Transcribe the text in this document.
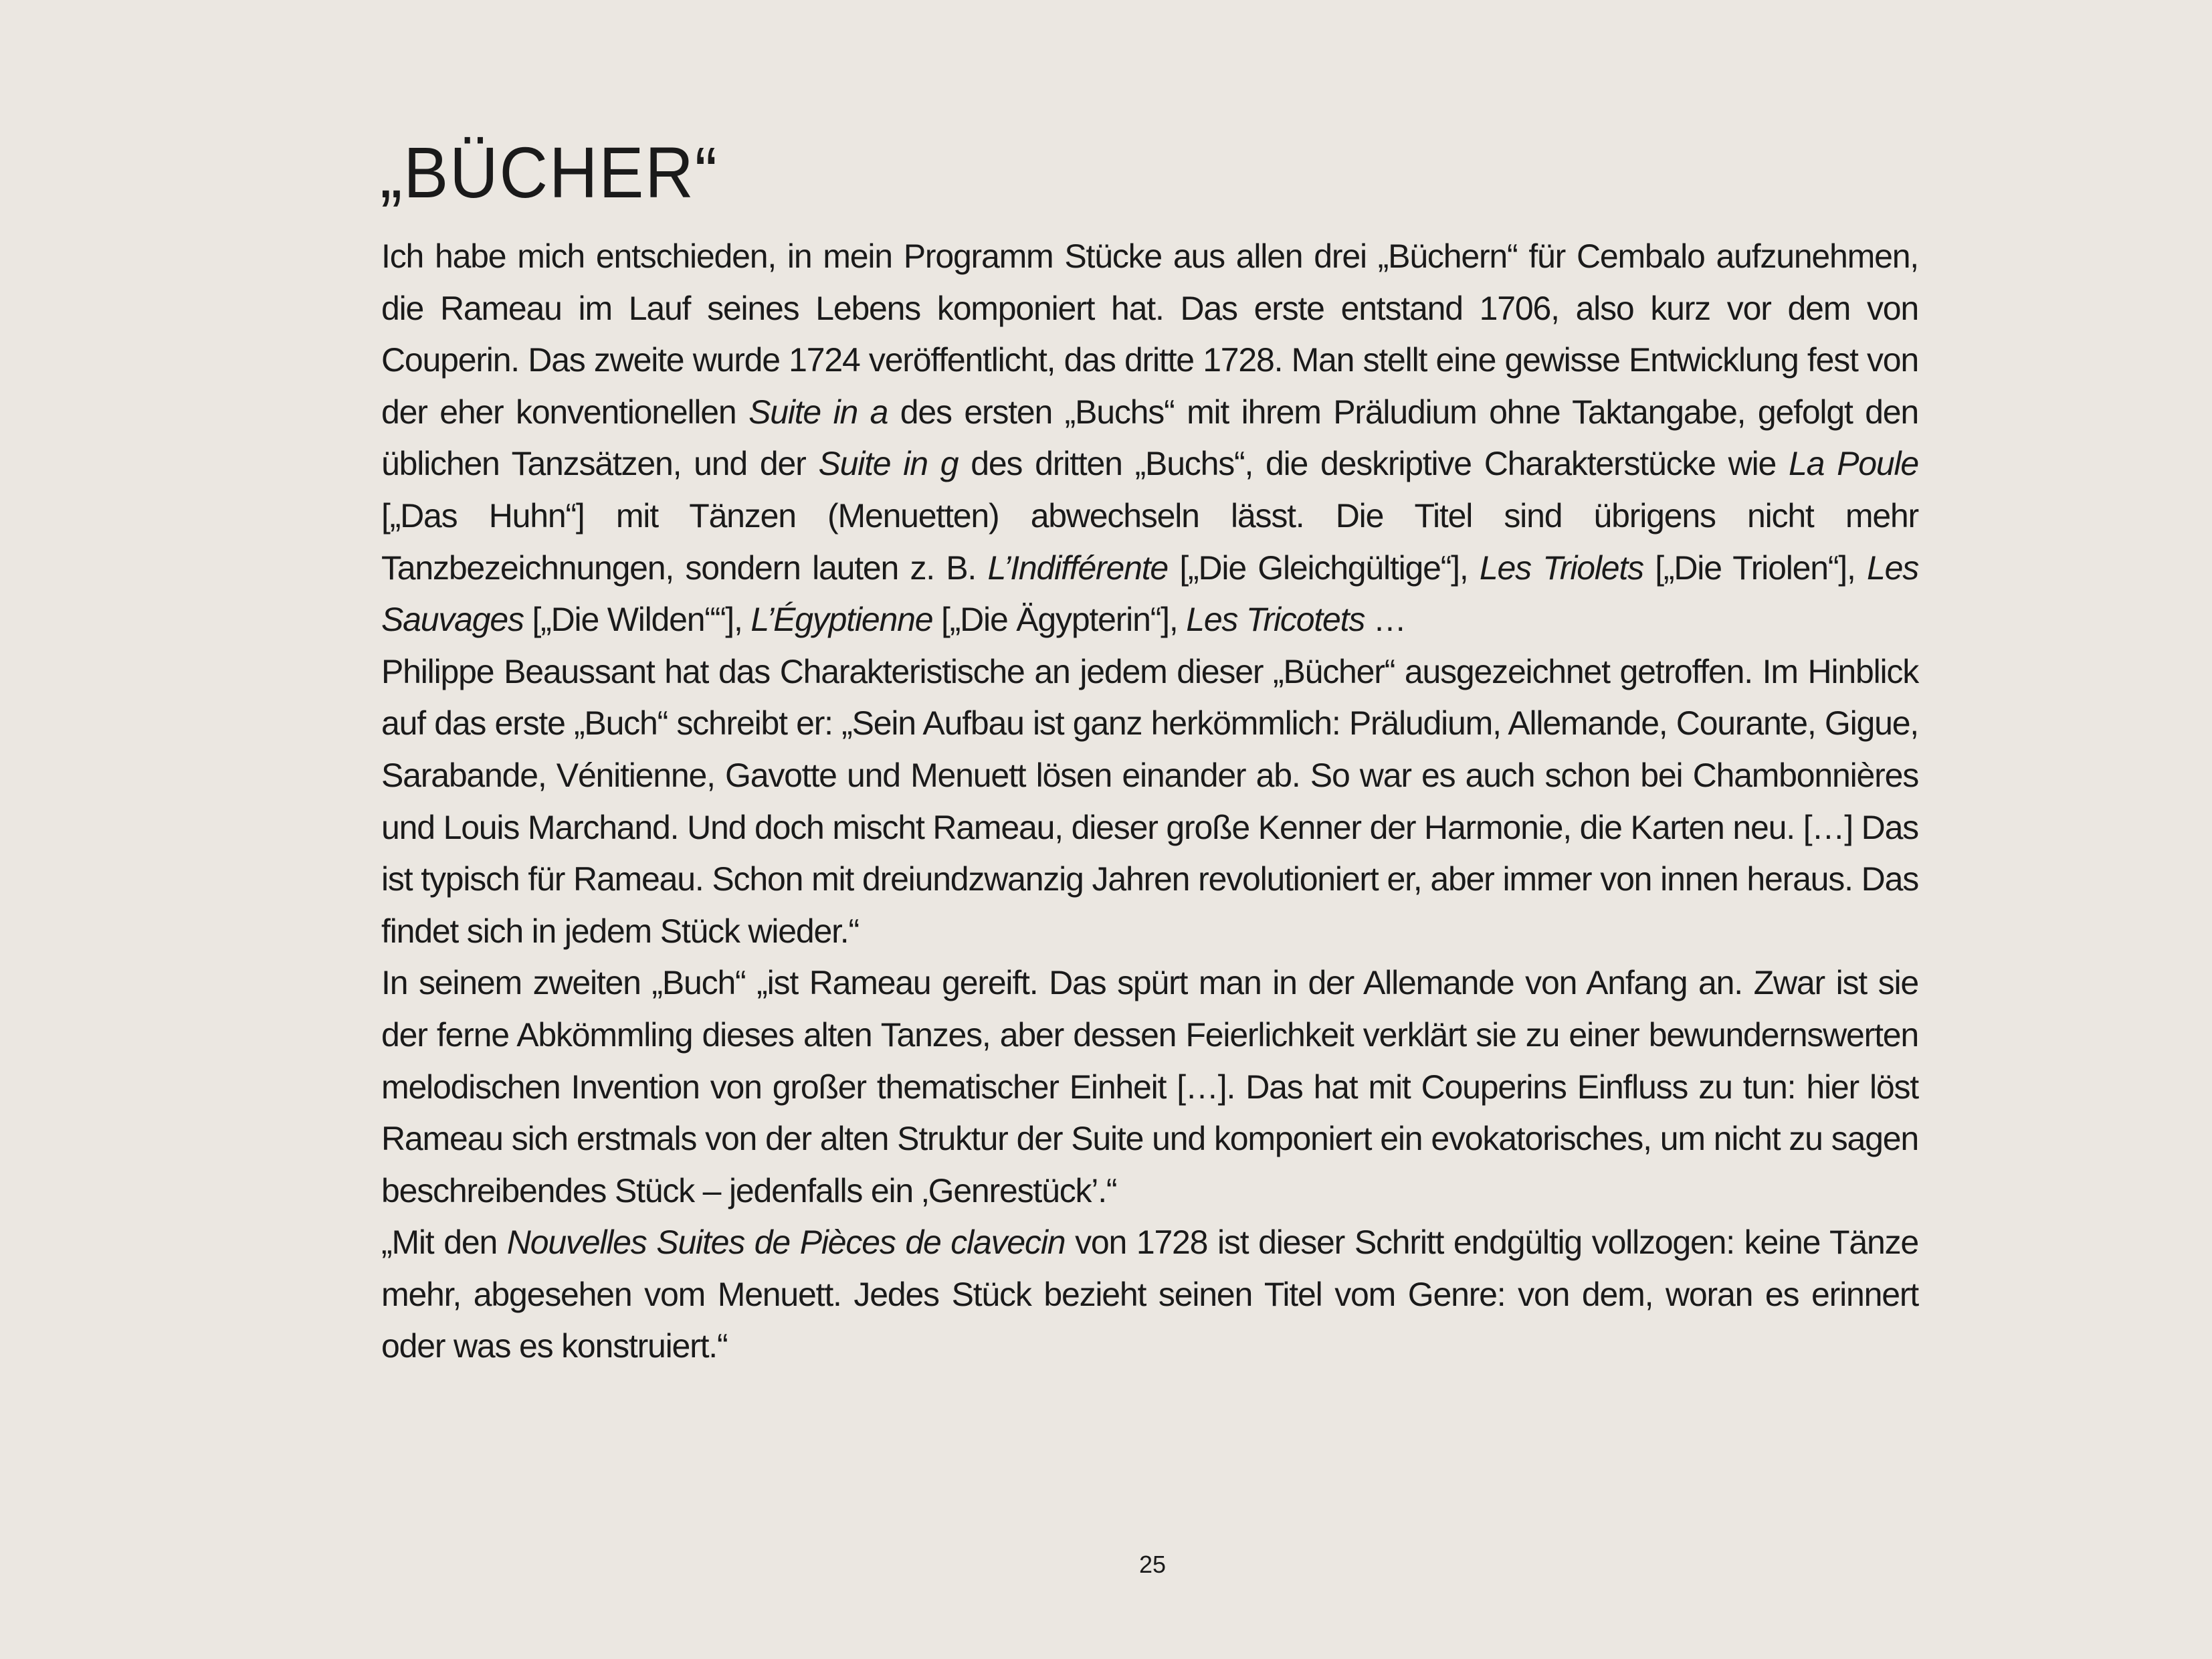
„BÜCHER“

Ich habe mich entschieden, in mein Programm Stücke aus allen drei „Büchern“ für Cembalo aufzunehmen, die Rameau im Lauf seines Lebens komponiert hat. Das erste entstand 1706, also kurz vor dem von Couperin. Das zweite wurde 1724 veröffentlicht, das dritte 1728. Man stellt eine gewisse Entwicklung fest von der eher konventionellen Suite in a des ersten „Buchs“ mit ihrem Präludium ohne Taktangabe, gefolgt den üblichen Tanzsätzen, und der Suite in g des dritten „Buchs“, die deskriptive Charakterstücke wie La Poule [„Das Huhn“] mit Tänzen (Menuetten) abwechseln lässt. Die Titel sind übrigens nicht mehr Tanzbezeichnungen, sondern lauten z. B. L’Indifférente [„Die Gleichgültige“], Les Triolets [„Die Triolen“], Les Sauvages [„Die Wilden““], L’Égyptienne [„Die Ägypterin“], Les Tricotets …

Philippe Beaussant hat das Charakteristische an jedem dieser „Bücher“ ausgezeichnet getroffen. Im Hinblick auf das erste „Buch“ schreibt er: „Sein Aufbau ist ganz herkömmlich: Präludium, Allemande, Courante, Gigue, Sarabande, Vénitienne, Gavotte und Menuett lösen einander ab. So war es auch schon bei Chambonnières und Louis Marchand. Und doch mischt Rameau, dieser große Kenner der Harmonie, die Karten neu. […] Das ist typisch für Rameau. Schon mit dreiundzwanzig Jahren revolutioniert er, aber immer von innen heraus. Das findet sich in jedem Stück wieder.“

In seinem zweiten „Buch“ „ist Rameau gereift. Das spürt man in der Allemande von Anfang an. Zwar ist sie der ferne Abkömmling dieses alten Tanzes, aber dessen Feierlichkeit verklärt sie zu einer bewundernswerten melodischen Invention von großer thematischer Einheit […]. Das hat mit Couperins Einfluss zu tun: hier löst Rameau sich erstmals von der alten Struktur der Suite und komponiert ein evokatorisches, um nicht zu sagen beschreibendes Stück – jedenfalls ein ‚Genrestück’.“

„Mit den Nouvelles Suites de Pièces de clavecin von 1728 ist dieser Schritt endgültig vollzogen: keine Tänze mehr, abgesehen vom Menuett. Jedes Stück bezieht seinen Titel vom Genre: von dem, woran es erinnert oder was es konstruiert.“

25
